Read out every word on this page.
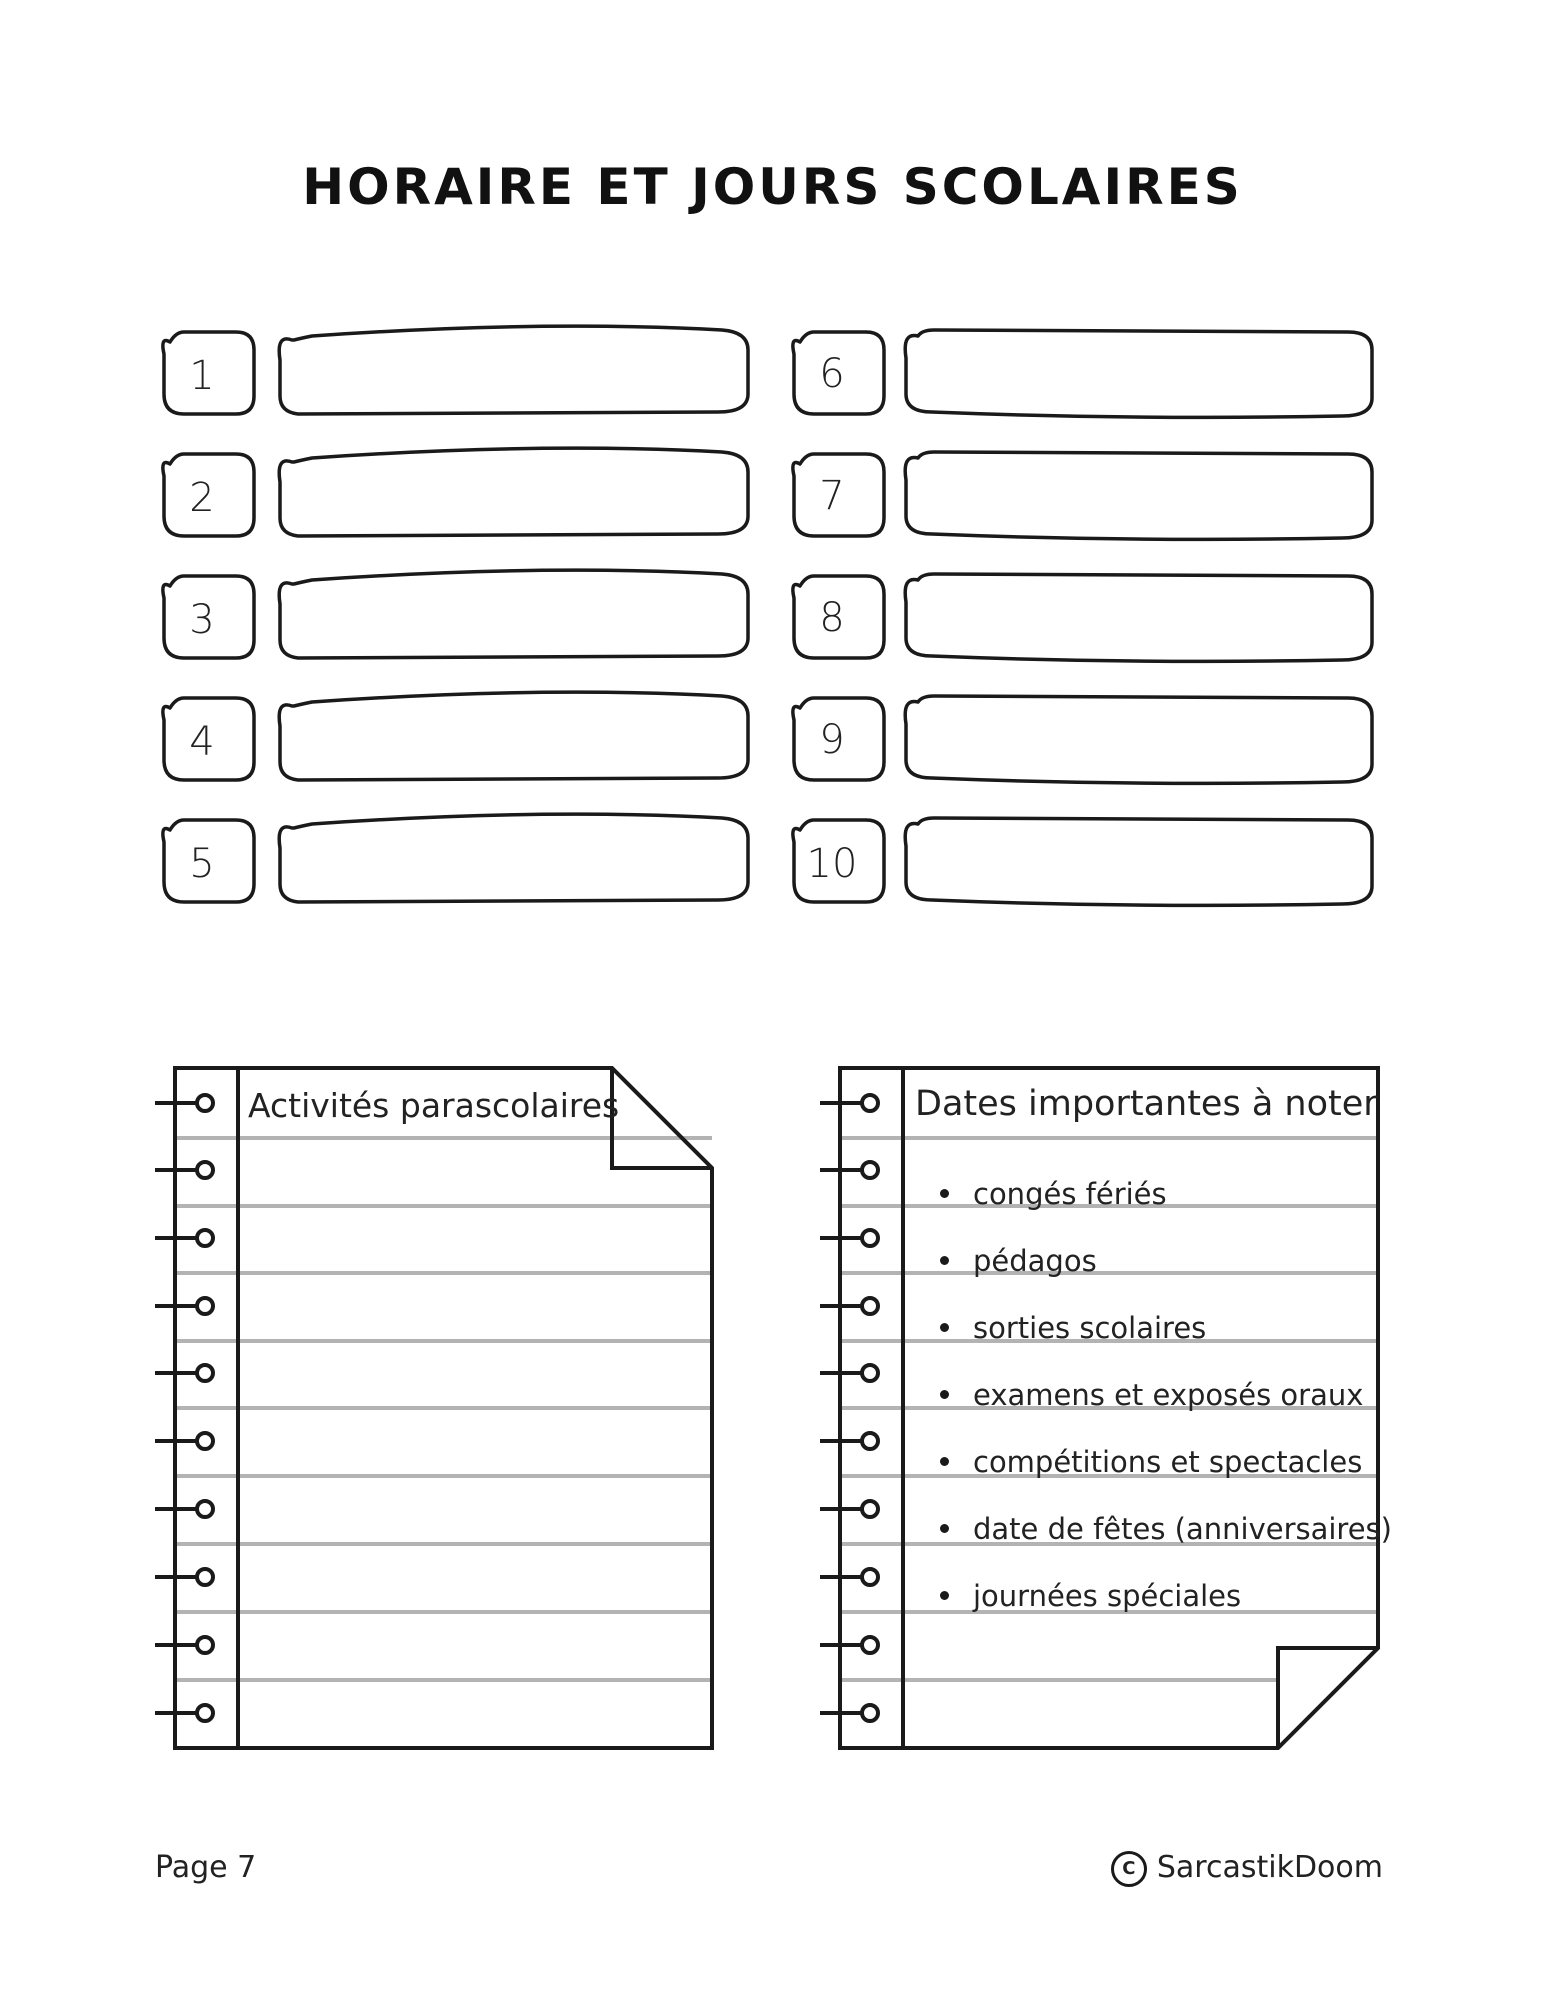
HORAIRE ET JOURS SCOLAIRES
1
2
3
4
5
6
7
8
9
10
Activités parascolaires	Dates importantes à noter
congés fériés
pédagos
sorties scolaires
examens et exposés oraux
compétitions et spectacles
date de fêtes (anniversaires)
journées spéciales
Page 7	C SarcastikDoom
